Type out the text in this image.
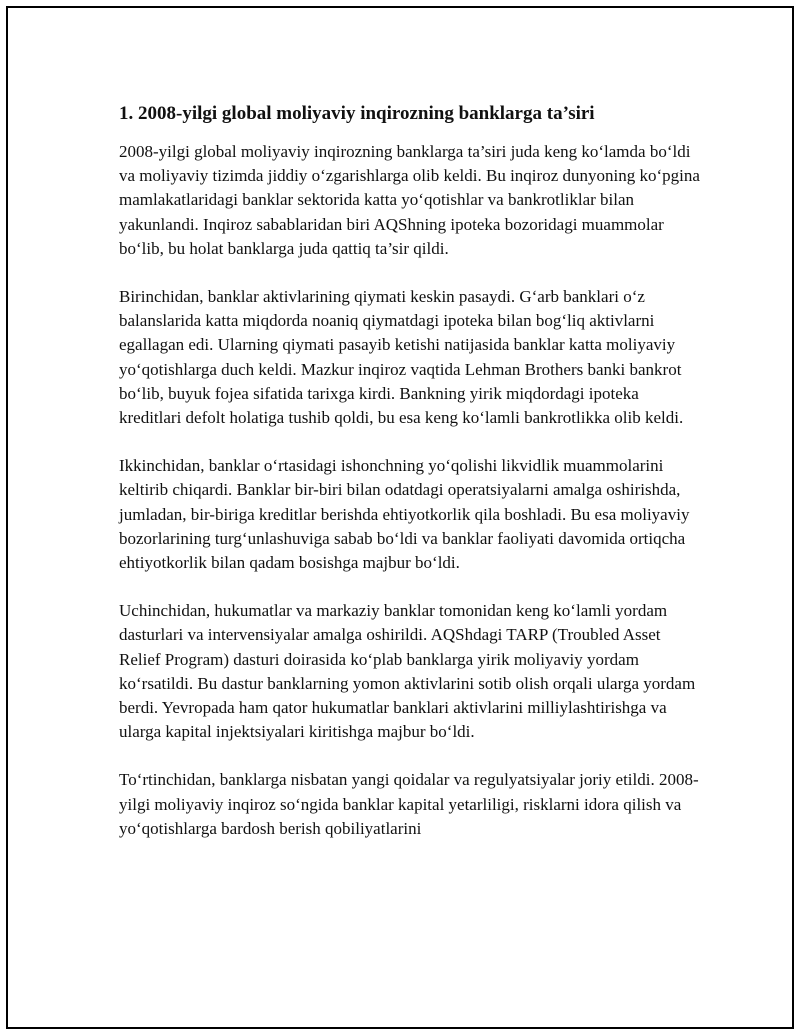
1. 2008-yilgi global moliyaviy inqirozning banklarga ta’siri

2008-yilgi global moliyaviy inqirozning banklarga ta’siri juda keng ko‘lamda bo‘ldi va moliyaviy tizimda jiddiy o‘zgarishlarga olib keldi. Bu inqiroz dunyoning ko‘pgina mamlakatlaridagi banklar sektorida katta yo‘qotishlar va bankrotliklar bilan yakunlandi. Inqiroz sabablaridan biri AQShning ipoteka bozoridagi muammolar bo‘lib, bu holat banklarga juda qattiq ta’sir qildi.

Birinchidan, banklar aktivlarining qiymati keskin pasaydi. G‘arb banklari o‘z balanslarida katta miqdorda noaniq qiymatdagi ipoteka bilan bog‘liq aktivlarni egallagan edi. Ularning qiymati pasayib ketishi natijasida banklar katta moliyaviy yo‘qotishlarga duch keldi. Mazkur inqiroz vaqtida Lehman Brothers banki bankrot bo‘lib, buyuk fojea sifatida tarixga kirdi. Bankning yirik miqdordagi ipoteka kreditlari defolt holatiga tushib qoldi, bu esa keng ko‘lamli bankrotlikka olib keldi.

Ikkinchidan, banklar o‘rtasidagi ishonchning yo‘qolishi likvidlik muammolarini keltirib chiqardi. Banklar bir-biri bilan odatdagi operatsiyalarni amalga oshirishda, jumladan, bir-biriga kreditlar berishda ehtiyotkorlik qila boshladi. Bu esa moliyaviy bozorlarining turg‘unlashuviga sabab bo‘ldi va banklar faoliyati davomida ortiqcha ehtiyotkorlik bilan qadam bosishga majbur bo‘ldi.

Uchinchidan, hukumatlar va markaziy banklar tomonidan keng ko‘lamli yordam dasturlari va intervensiyalar amalga oshirildi. AQShdagi TARP (Troubled Asset Relief Program) dasturi doirasida ko‘plab banklarga yirik moliyaviy yordam ko‘rsatildi. Bu dastur banklarning yomon aktivlarini sotib olish orqali ularga yordam berdi. Yevropada ham qator hukumatlar banklari aktivlarini milliylashtirishga va ularga kapital injektsiyalari kiritishga majbur bo‘ldi.

To‘rtinchidan, banklarga nisbatan yangi qoidalar va regulyatsiyalar joriy etildi. 2008-yilgi moliyaviy inqiroz so‘ngida banklar kapital yetarliligi, risklarni idora qilish va yo‘qotishlarga bardosh berish qobiliyatlarini
